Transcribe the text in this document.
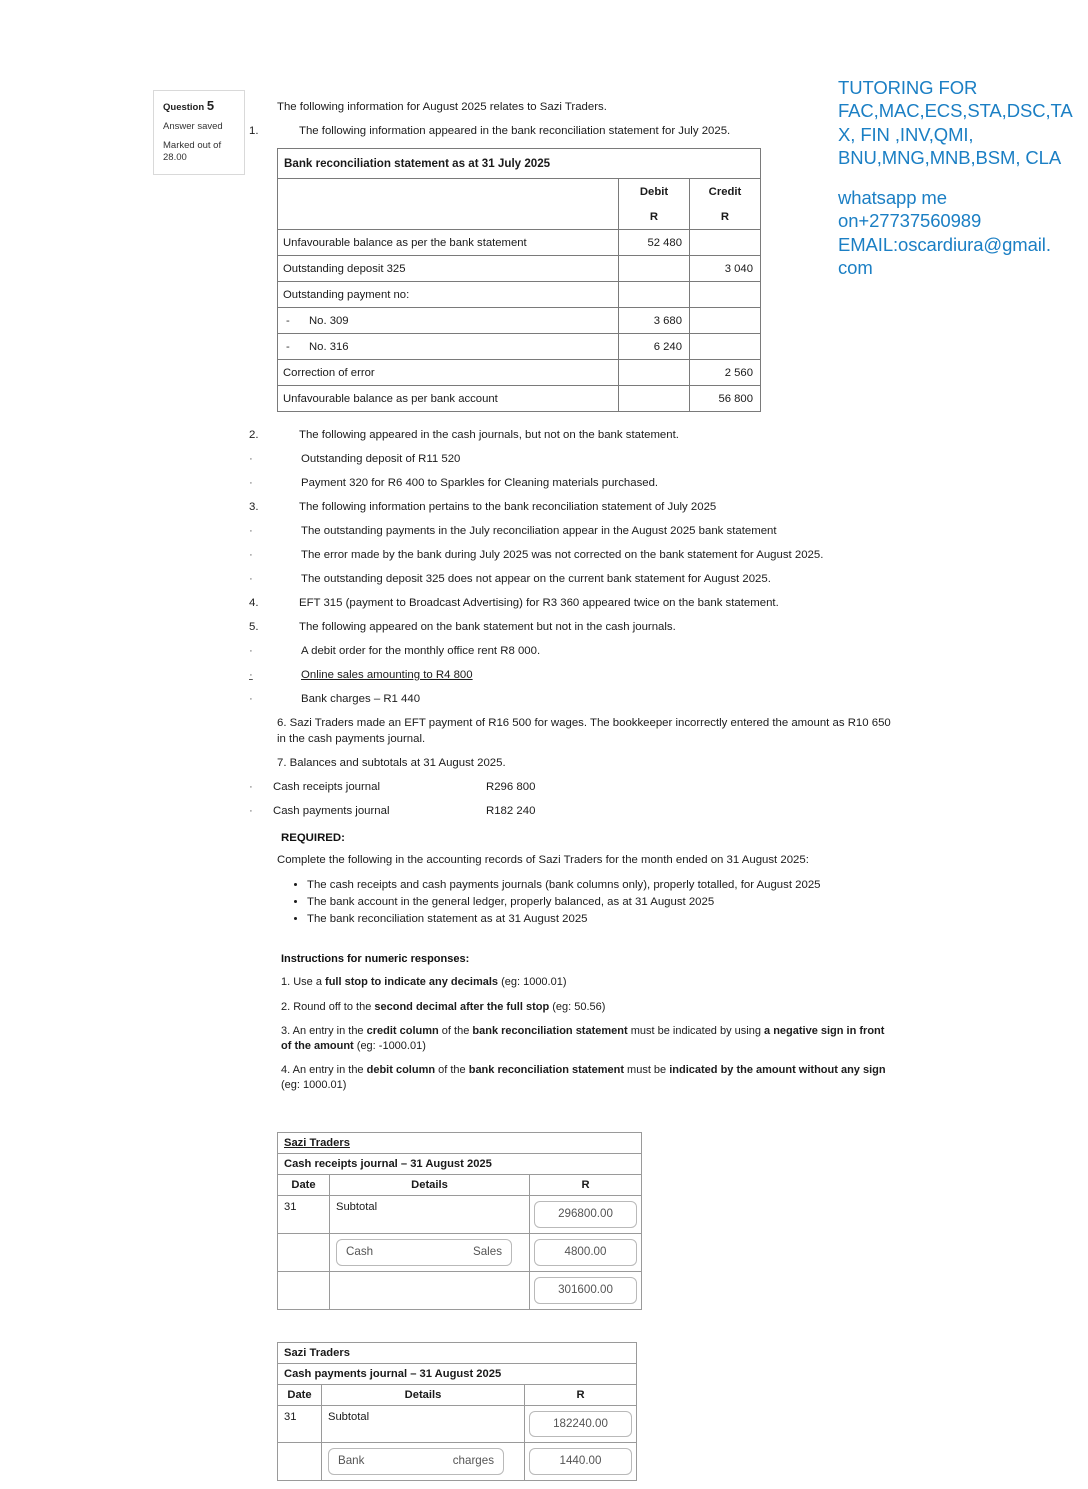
Question 5
Answer saved
Marked out of 28.00
TUTORING FOR
FAC,MAC,ECS,STA,DSC,TA
X, FIN ,INV,QMI,
BNU,MNG,MNB,BSM, CLA
whatsapp me
on+27737560989
EMAIL:oscardiura@gmail.
com

The following information for August 2025 relates to Sazi Traders.

1.	The following information appeared in the bank reconciliation statement for July 2025.

Bank reconciliation statement as at 31 July 2025		
	Debit	Credit
	R	R
Unfavourable balance as per the bank statement	52 480	
Outstanding deposit 325		3 040
Outstanding payment no:		

- No. 309	3 680	

- No. 316	6 240	
Correction of error		2 560
Unfavourable balance as per bank account		56 800

2.	The following appeared in the cash journals, but not on the bank statement.

·	Outstanding deposit of R11 520

·	Payment 320 for R6 400 to Sparkles for Cleaning materials purchased.

3.	The following information pertains to the bank reconciliation statement of July 2025

·	The outstanding payments in the July reconciliation appear in the August 2025 bank statement

·	The error made by the bank during July 2025 was not corrected on the bank statement for August 2025.

·	The outstanding deposit 325 does not appear on the current bank statement for August 2025.

4.	EFT 315 (payment to Broadcast Advertising) for R3 360 appeared twice on the bank statement.

5.	The following appeared on the bank statement but not in the cash journals.

·	A debit order for the monthly office rent R8 000.

·	Online sales amounting to R4 800

·	Bank charges – R1 440

6. Sazi Traders made an EFT payment of R16 500 for wages. The bookkeeper incorrectly entered the amount as R10 650 in the cash payments journal.

7. Balances and subtotals at 31 August 2025.

· Cash receipts journal	R296 800

· Cash payments journal	R182 240

REQUIRED:

Complete the following in the accounting records of Sazi Traders for the month ended on 31 August 2025:

• The cash receipts and cash payments journals (bank columns only), properly totalled, for August 2025
• The bank account in the general ledger, properly balanced, as at 31 August 2025
• The bank reconciliation statement as at 31 August 2025
Instructions for numeric responses:

1. Use a full stop to indicate any decimals (eg: 1000.01)

2. Round off to the second decimal after the full stop (eg: 50.56)

3. An entry in the credit column of the bank reconciliation statement must be indicated by using a negative sign in front of the amount (eg: -1000.01)

4. An entry in the debit column of the bank reconciliation statement must be indicated by the amount without any sign (eg: 1000.01)

Sazi Traders		
Cash receipts journal – 31 August 2025		
Date	Details	R
31	Subtotal	296800.00

	Cash Sales	4800.00
		301600.00
Sazi Traders		
Cash payments journal – 31 August 2025		
Date	Details	R
31	Subtotal	182240.00

	Bank charges	1440.00
